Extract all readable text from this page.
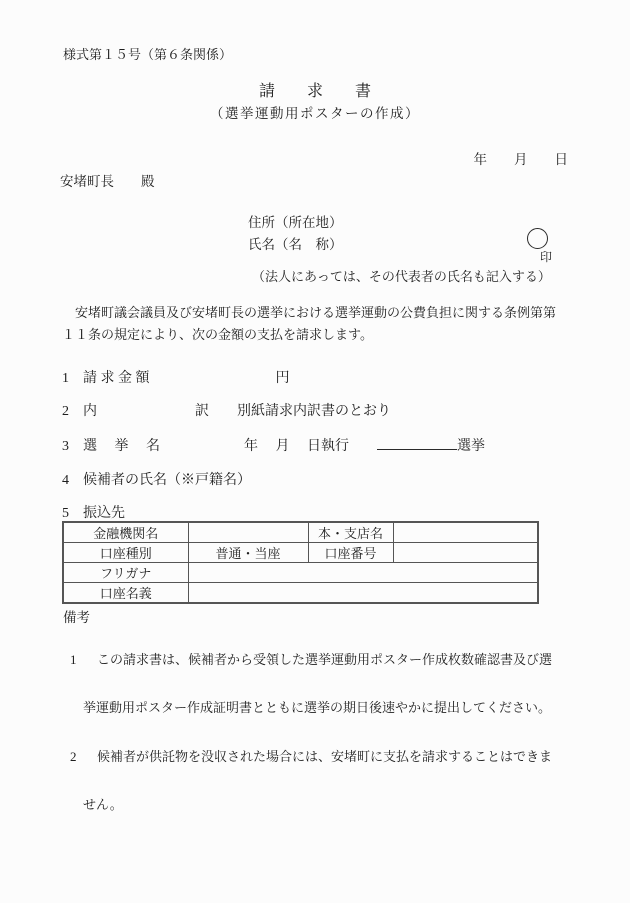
様式第１５号（第６条関係）
請　　求　　書
（選挙運動用ポスターの作成）
年　　月　　日
安堵町長　　殿
住所（所在地）
氏名（名　称）

印

（法人にあっては、その代表者の氏名も記入する）
　安堵町議会議員及び安堵町長の選挙における選挙運動の公費負担に関する条例第第
１１条の規定により、次の金額の支払を請求します。
1　請 求 金 額　　　　　　　　　円
2　内　　　　　　　訳　　別紙請求内訳書のとおり
3　選 　挙 　名　　　　　　年 　月 　日執行　　	選挙
4　候補者の氏名（※戸籍名）
5　振込先
金融機関名		本・支店名	
口座種別	普通・当座	口座番号	
フリガナ			
口座名義			
備考

1 この請求書は、候補者から受領した選挙運動用ポスター作成枚数確認書及び選

挙運動用ポスター作成証明書とともに選挙の期日後速やかに提出してください。

2 候補者が供託物を没収された場合には、安堵町に支払を請求することはできま

せん。
